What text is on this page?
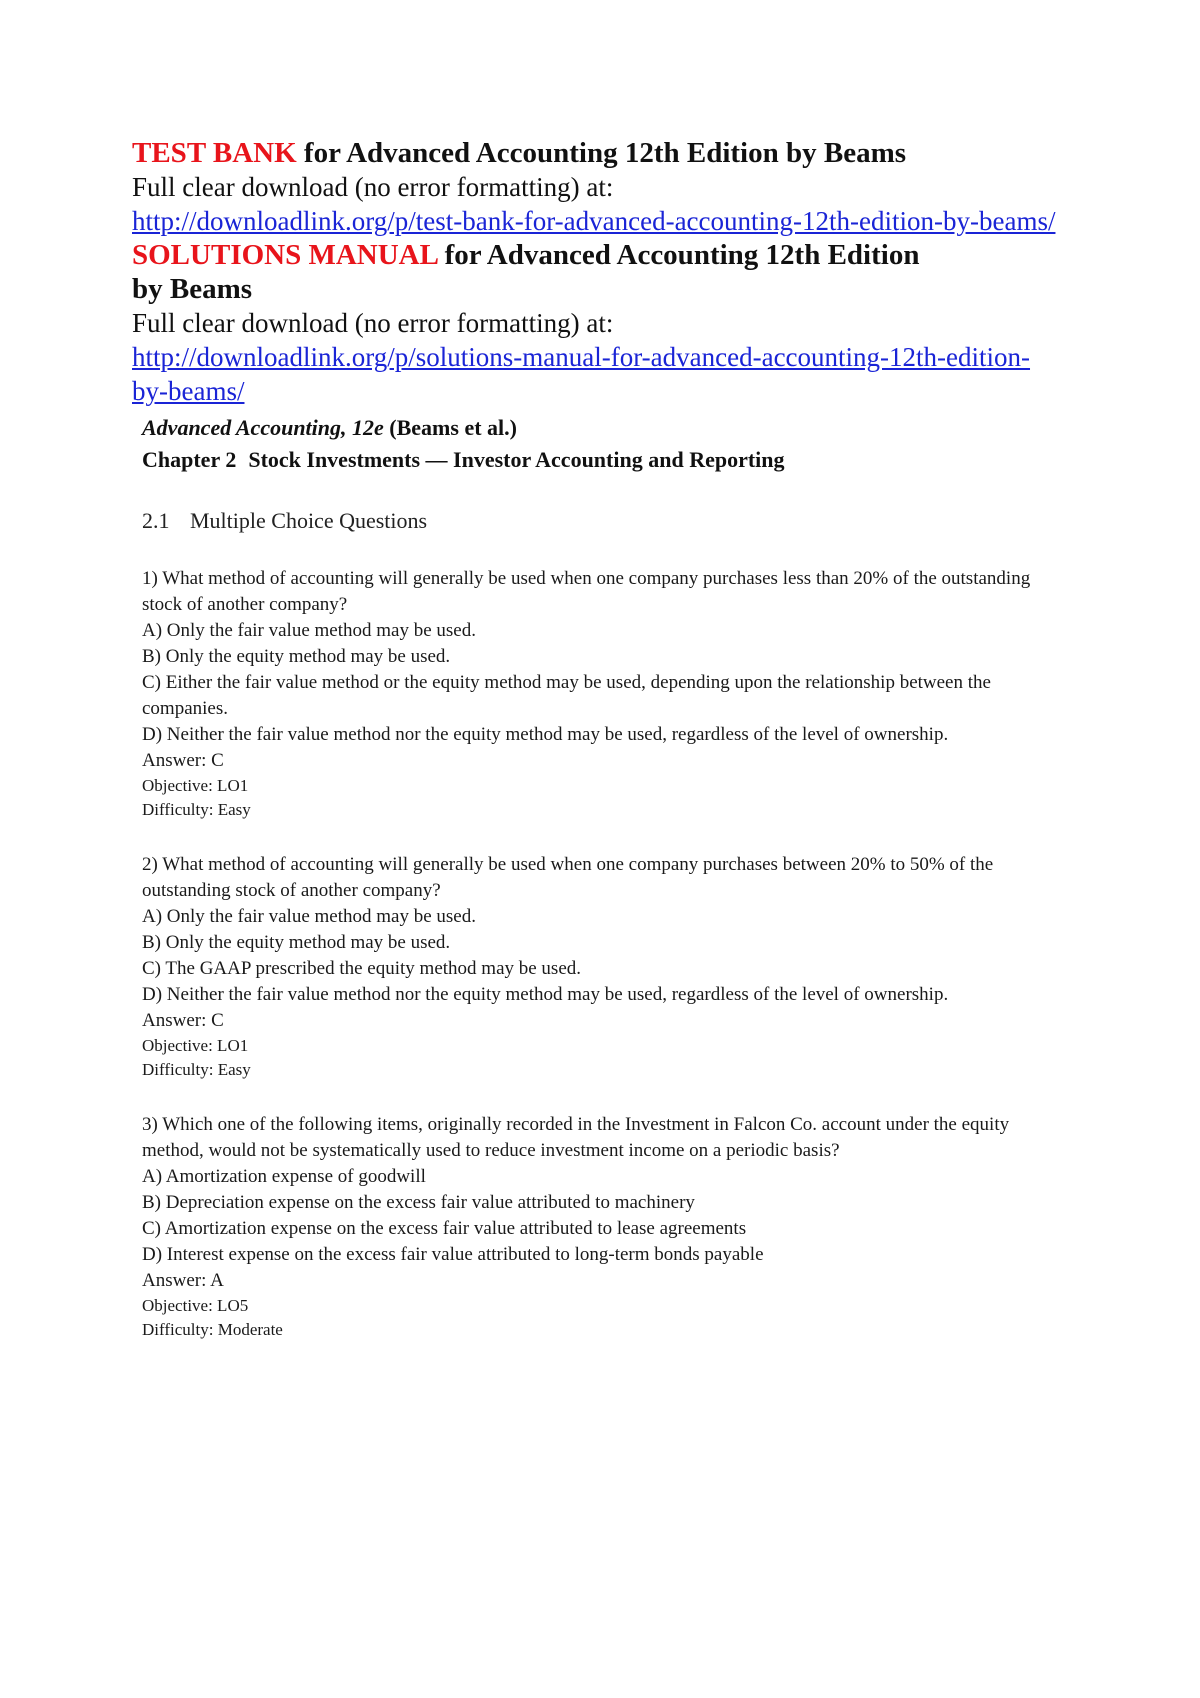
TEST BANK for Advanced Accounting 12th Edition by Beams

Full clear download (no error formatting) at:

http://downloadlink.org/p/test-bank-for-advanced-accounting-12th-edition-by-beams/

SOLUTIONS MANUAL for Advanced Accounting 12th Edition by Beams

Full clear download (no error formatting) at:

http://downloadlink.org/p/solutions-manual-for-advanced-accounting-12th-edition-by-beams/
Advanced Accounting, 12e (Beams et al.)
Chapter 2 Stock Investments — Investor Accounting and Reporting
2.1 Multiple Choice Questions

1) What method of accounting will generally be used when one company purchases less than 20% of the outstanding stock of another company?

A) Only the fair value method may be used.

B) Only the equity method may be used.

C) Either the fair value method or the equity method may be used, depending upon the relationship between the companies.

D) Neither the fair value method nor the equity method may be used, regardless of the level of ownership.

Answer: C

Objective: LO1

Difficulty: Easy

2) What method of accounting will generally be used when one company purchases between 20% to 50% of the outstanding stock of another company?

A) Only the fair value method may be used.

B) Only the equity method may be used.

C) The GAAP prescribed the equity method may be used.

D) Neither the fair value method nor the equity method may be used, regardless of the level of ownership.

Answer: C

Objective: LO1

Difficulty: Easy

3) Which one of the following items, originally recorded in the Investment in Falcon Co. account under the equity method, would not be systematically used to reduce investment income on a periodic basis?

A) Amortization expense of goodwill

B) Depreciation expense on the excess fair value attributed to machinery

C) Amortization expense on the excess fair value attributed to lease agreements

D) Interest expense on the excess fair value attributed to long-term bonds payable

Answer: A

Objective: LO5

Difficulty: Moderate
